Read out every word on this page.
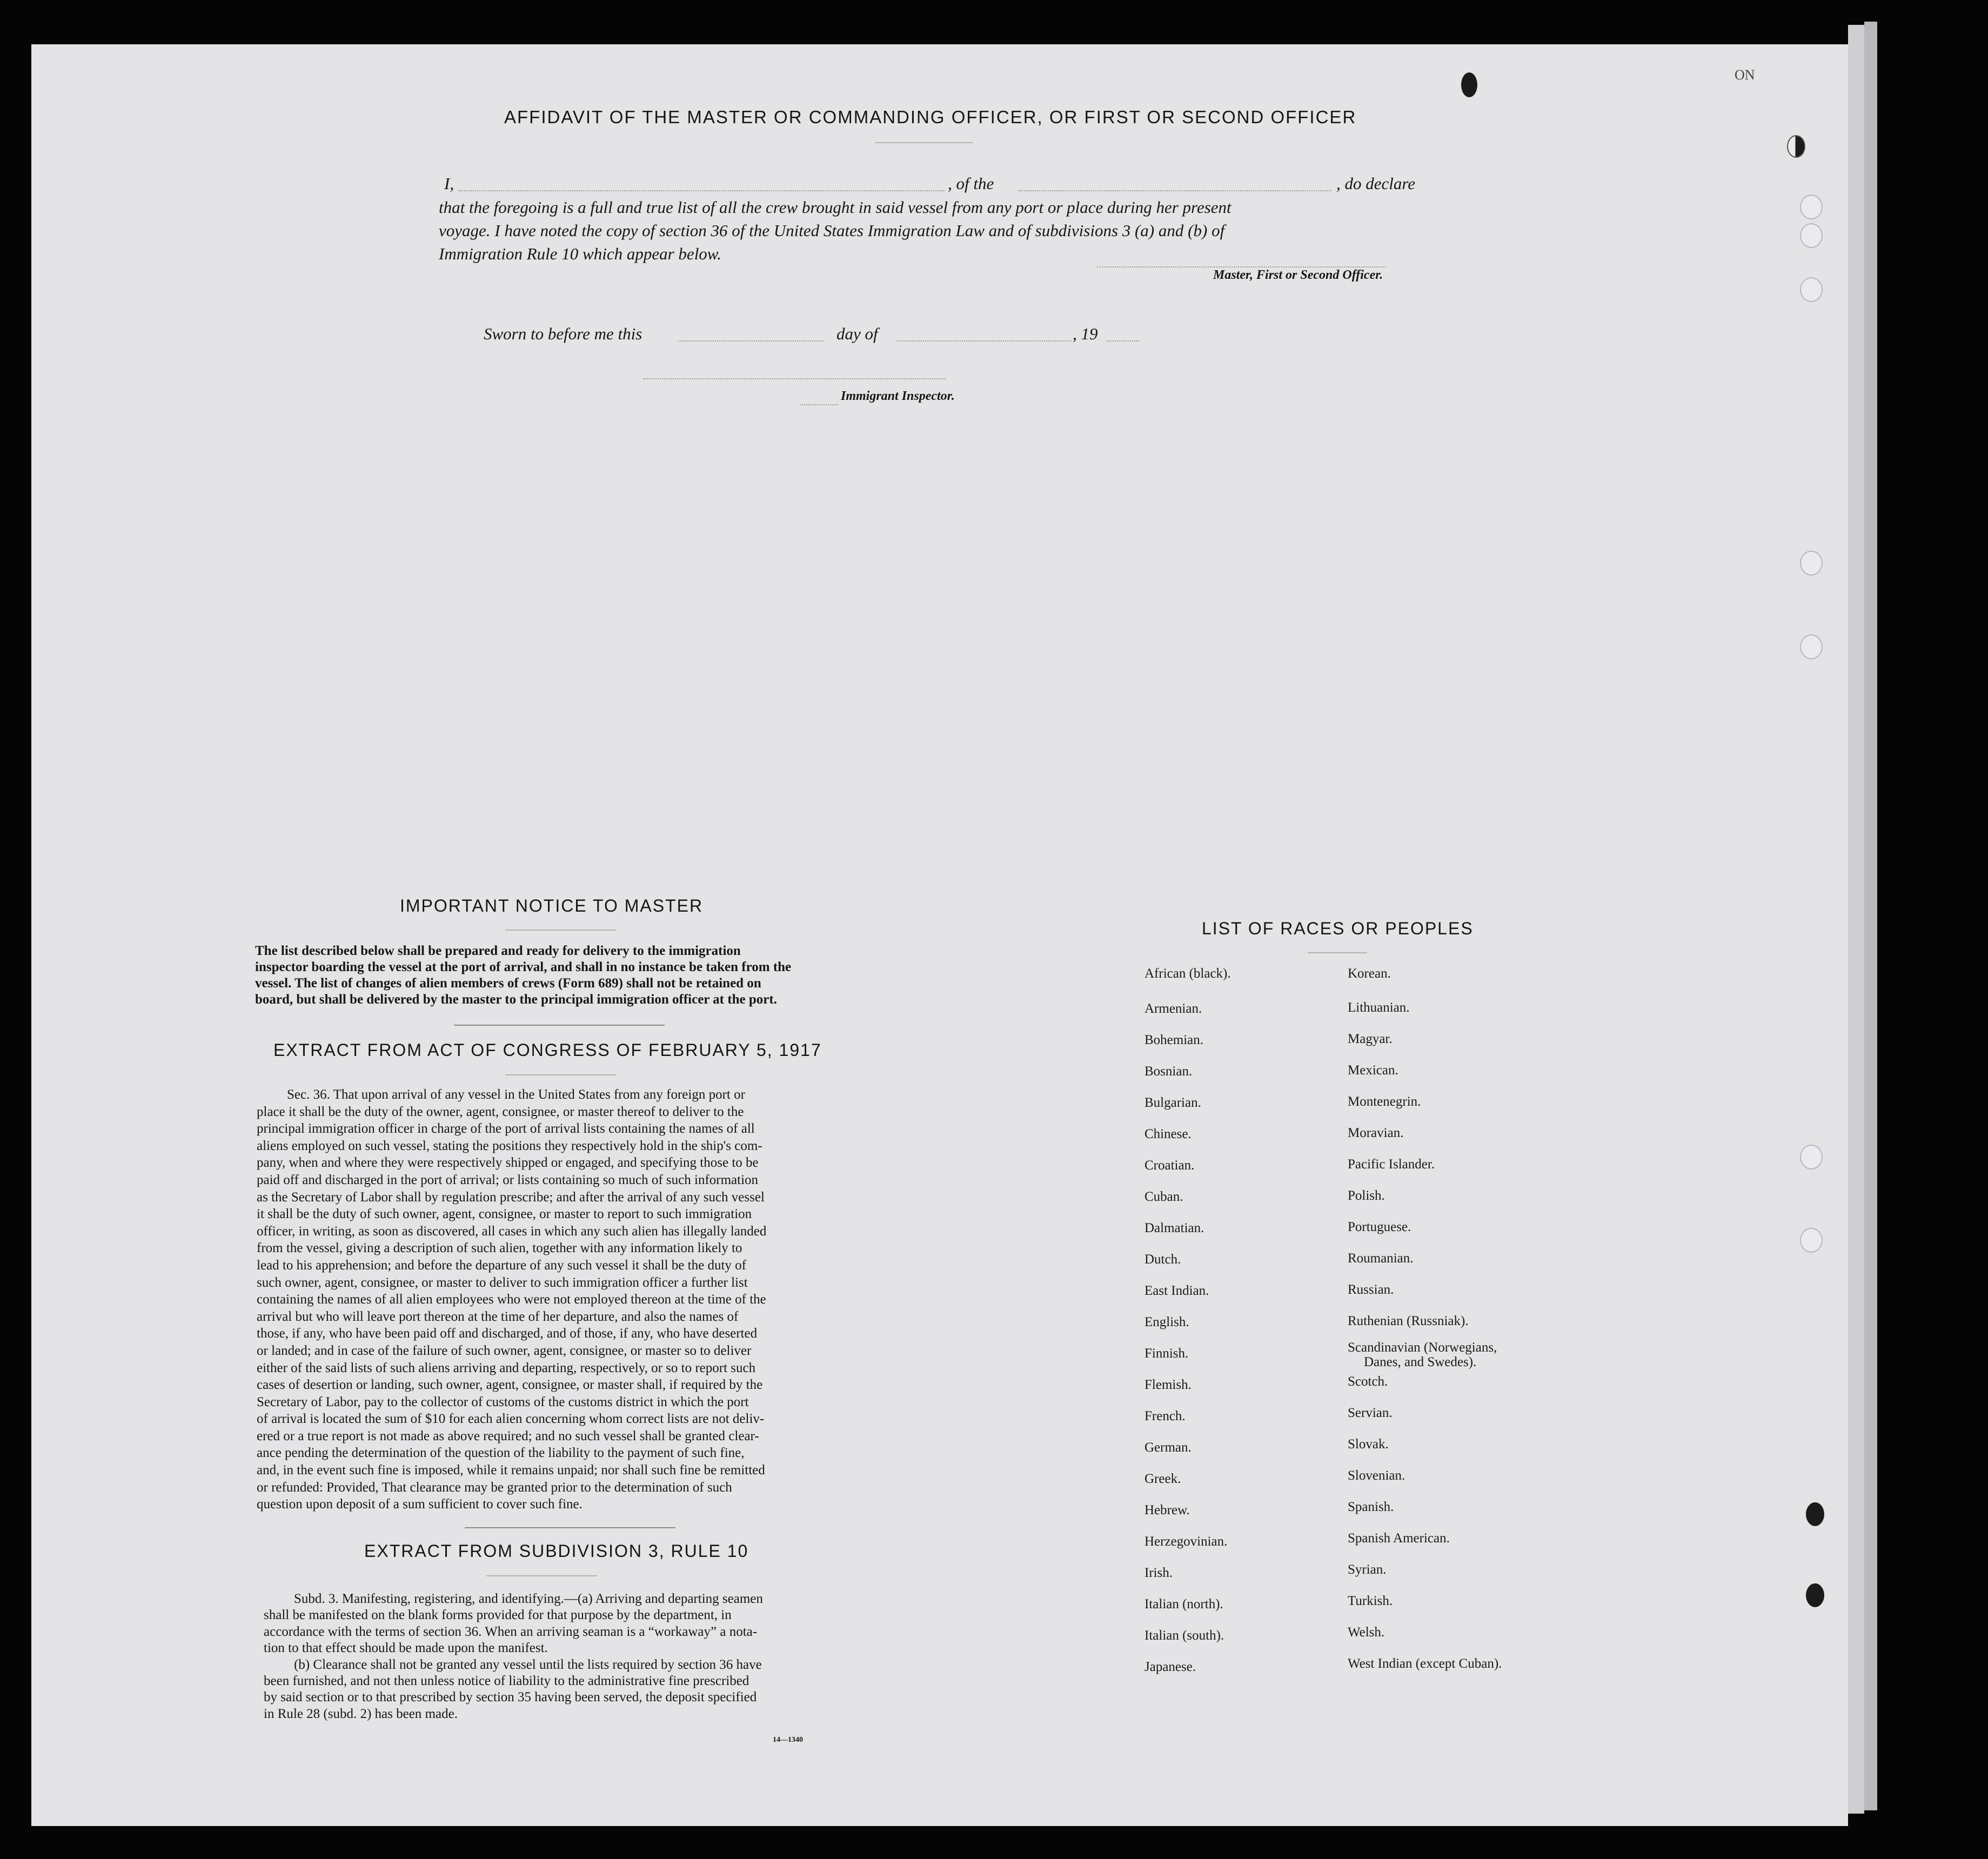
ON
AFFIDAVIT OF THE MASTER OR COMMANDING OFFICER, OR FIRST OR SECOND OFFICER
I,	, of the	, do declare
that the foregoing is a full and true list of all the crew brought in said vessel from any port or place during her present
voyage. I have noted the copy of section 36 of the United States Immigration Law and of subdivisions 3 (a) and (b) of
Immigration Rule 10 which appear below.
Master, First or Second Officer.
Sworn to before me this	day of	, 19
Immigrant Inspector.
IMPORTANT NOTICE TO MASTER
The list described below shall be prepared and ready for delivery to the immigration
inspector boarding the vessel at the port of arrival, and shall in no instance be taken from the
vessel. The list of changes of alien members of crews (Form 689) shall not be retained on
board, but shall be delivered by the master to the principal immigration officer at the port.
EXTRACT FROM ACT OF CONGRESS OF FEBRUARY 5, 1917
Sec. 36. That upon arrival of any vessel in the United States from any foreign port or
place it shall be the duty of the owner, agent, consignee, or master thereof to deliver to the
principal immigration officer in charge of the port of arrival lists containing the names of all
aliens employed on such vessel, stating the positions they respectively hold in the ship's com-
pany, when and where they were respectively shipped or engaged, and specifying those to be
paid off and discharged in the port of arrival; or lists containing so much of such information
as the Secretary of Labor shall by regulation prescribe; and after the arrival of any such vessel
it shall be the duty of such owner, agent, consignee, or master to report to such immigration
officer, in writing, as soon as discovered, all cases in which any such alien has illegally landed
from the vessel, giving a description of such alien, together with any information likely to
lead to his apprehension; and before the departure of any such vessel it shall be the duty of
such owner, agent, consignee, or master to deliver to such immigration officer a further list
containing the names of all alien employees who were not employed thereon at the time of the
arrival but who will leave port thereon at the time of her departure, and also the names of
those, if any, who have been paid off and discharged, and of those, if any, who have deserted
or landed; and in case of the failure of such owner, agent, consignee, or master so to deliver
either of the said lists of such aliens arriving and departing, respectively, or so to report such
cases of desertion or landing, such owner, agent, consignee, or master shall, if required by the
Secretary of Labor, pay to the collector of customs of the customs district in which the port
of arrival is located the sum of $10 for each alien concerning whom correct lists are not deliv-
ered or a true report is not made as above required; and no such vessel shall be granted clear-
ance pending the determination of the question of the liability to the payment of such fine,
and, in the event such fine is imposed, while it remains unpaid; nor shall such fine be remitted
or refunded: Provided, That clearance may be granted prior to the determination of such
question upon deposit of a sum sufficient to cover such fine.
EXTRACT FROM SUBDIVISION 3, RULE 10
Subd. 3. Manifesting, registering, and identifying.—(a) Arriving and departing seamen
shall be manifested on the blank forms provided for that purpose by the department, in
accordance with the terms of section 36. When an arriving seaman is a “workaway” a nota-
tion to that effect should be made upon the manifest.
(b) Clearance shall not be granted any vessel until the lists required by section 36 have
been furnished, and not then unless notice of liability to the administrative fine prescribed
by said section or to that prescribed by section 35 having been served, the deposit specified
in Rule 28 (subd. 2) has been made.
14—1340
LIST OF RACES OR PEOPLES
African (black).
Armenian.
Bohemian.
Bosnian.
Bulgarian.
Chinese.
Croatian.
Cuban.
Dalmatian.
Dutch.
East Indian.
English.
Finnish.
Flemish.
French.
German.
Greek.
Hebrew.
Herzegovinian.
Irish.
Italian (north).
Italian (south).
Japanese.
Korean.
Lithuanian.
Magyar.
Mexican.
Montenegrin.
Moravian.
Pacific Islander.
Polish.
Portuguese.
Roumanian.
Russian.
Ruthenian (Russniak).
Scandinavian (Norwegians,
Danes, and Swedes).
Scotch.
Servian.
Slovak.
Slovenian.
Spanish.
Spanish American.
Syrian.
Turkish.
Welsh.
West Indian (except Cuban).
